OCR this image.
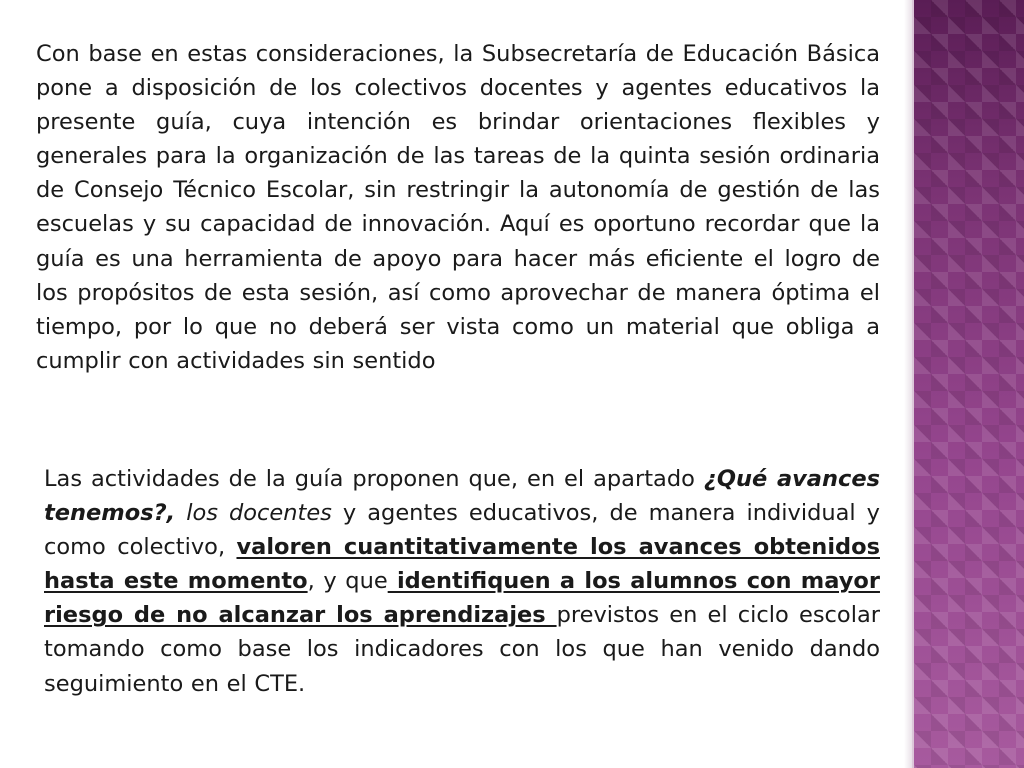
Con base en estas consideraciones, la Subsecretaría de Educación Básica pone a disposición de los colectivos docentes y agentes educativos la presente guía, cuya intención es brindar orientaciones flexibles y generales para la organización de las tareas de la quinta sesión ordinaria de Consejo Técnico Escolar, sin restringir la autonomía de gestión de las escuelas y su capacidad de innovación. Aquí es oportuno recordar que la guía es una herramienta de apoyo para hacer más eficiente el logro de los propósitos de esta sesión, así como aprovechar de manera óptima el tiempo, por lo que no deberá ser vista como un material que obliga a cumplir con actividades sin sentido

Las actividades de la guía proponen que, en el apartado ¿Qué avances tenemos?, los docentes y agentes educativos, de manera individual y como colectivo, valoren cuantitativamente los avances obtenidos hasta este momento, y que identifiquen a los alumnos con mayor riesgo de no alcanzar los aprendizajes previstos en el ciclo escolar tomando como base los indicadores con los que han venido dando seguimiento en el CTE.
